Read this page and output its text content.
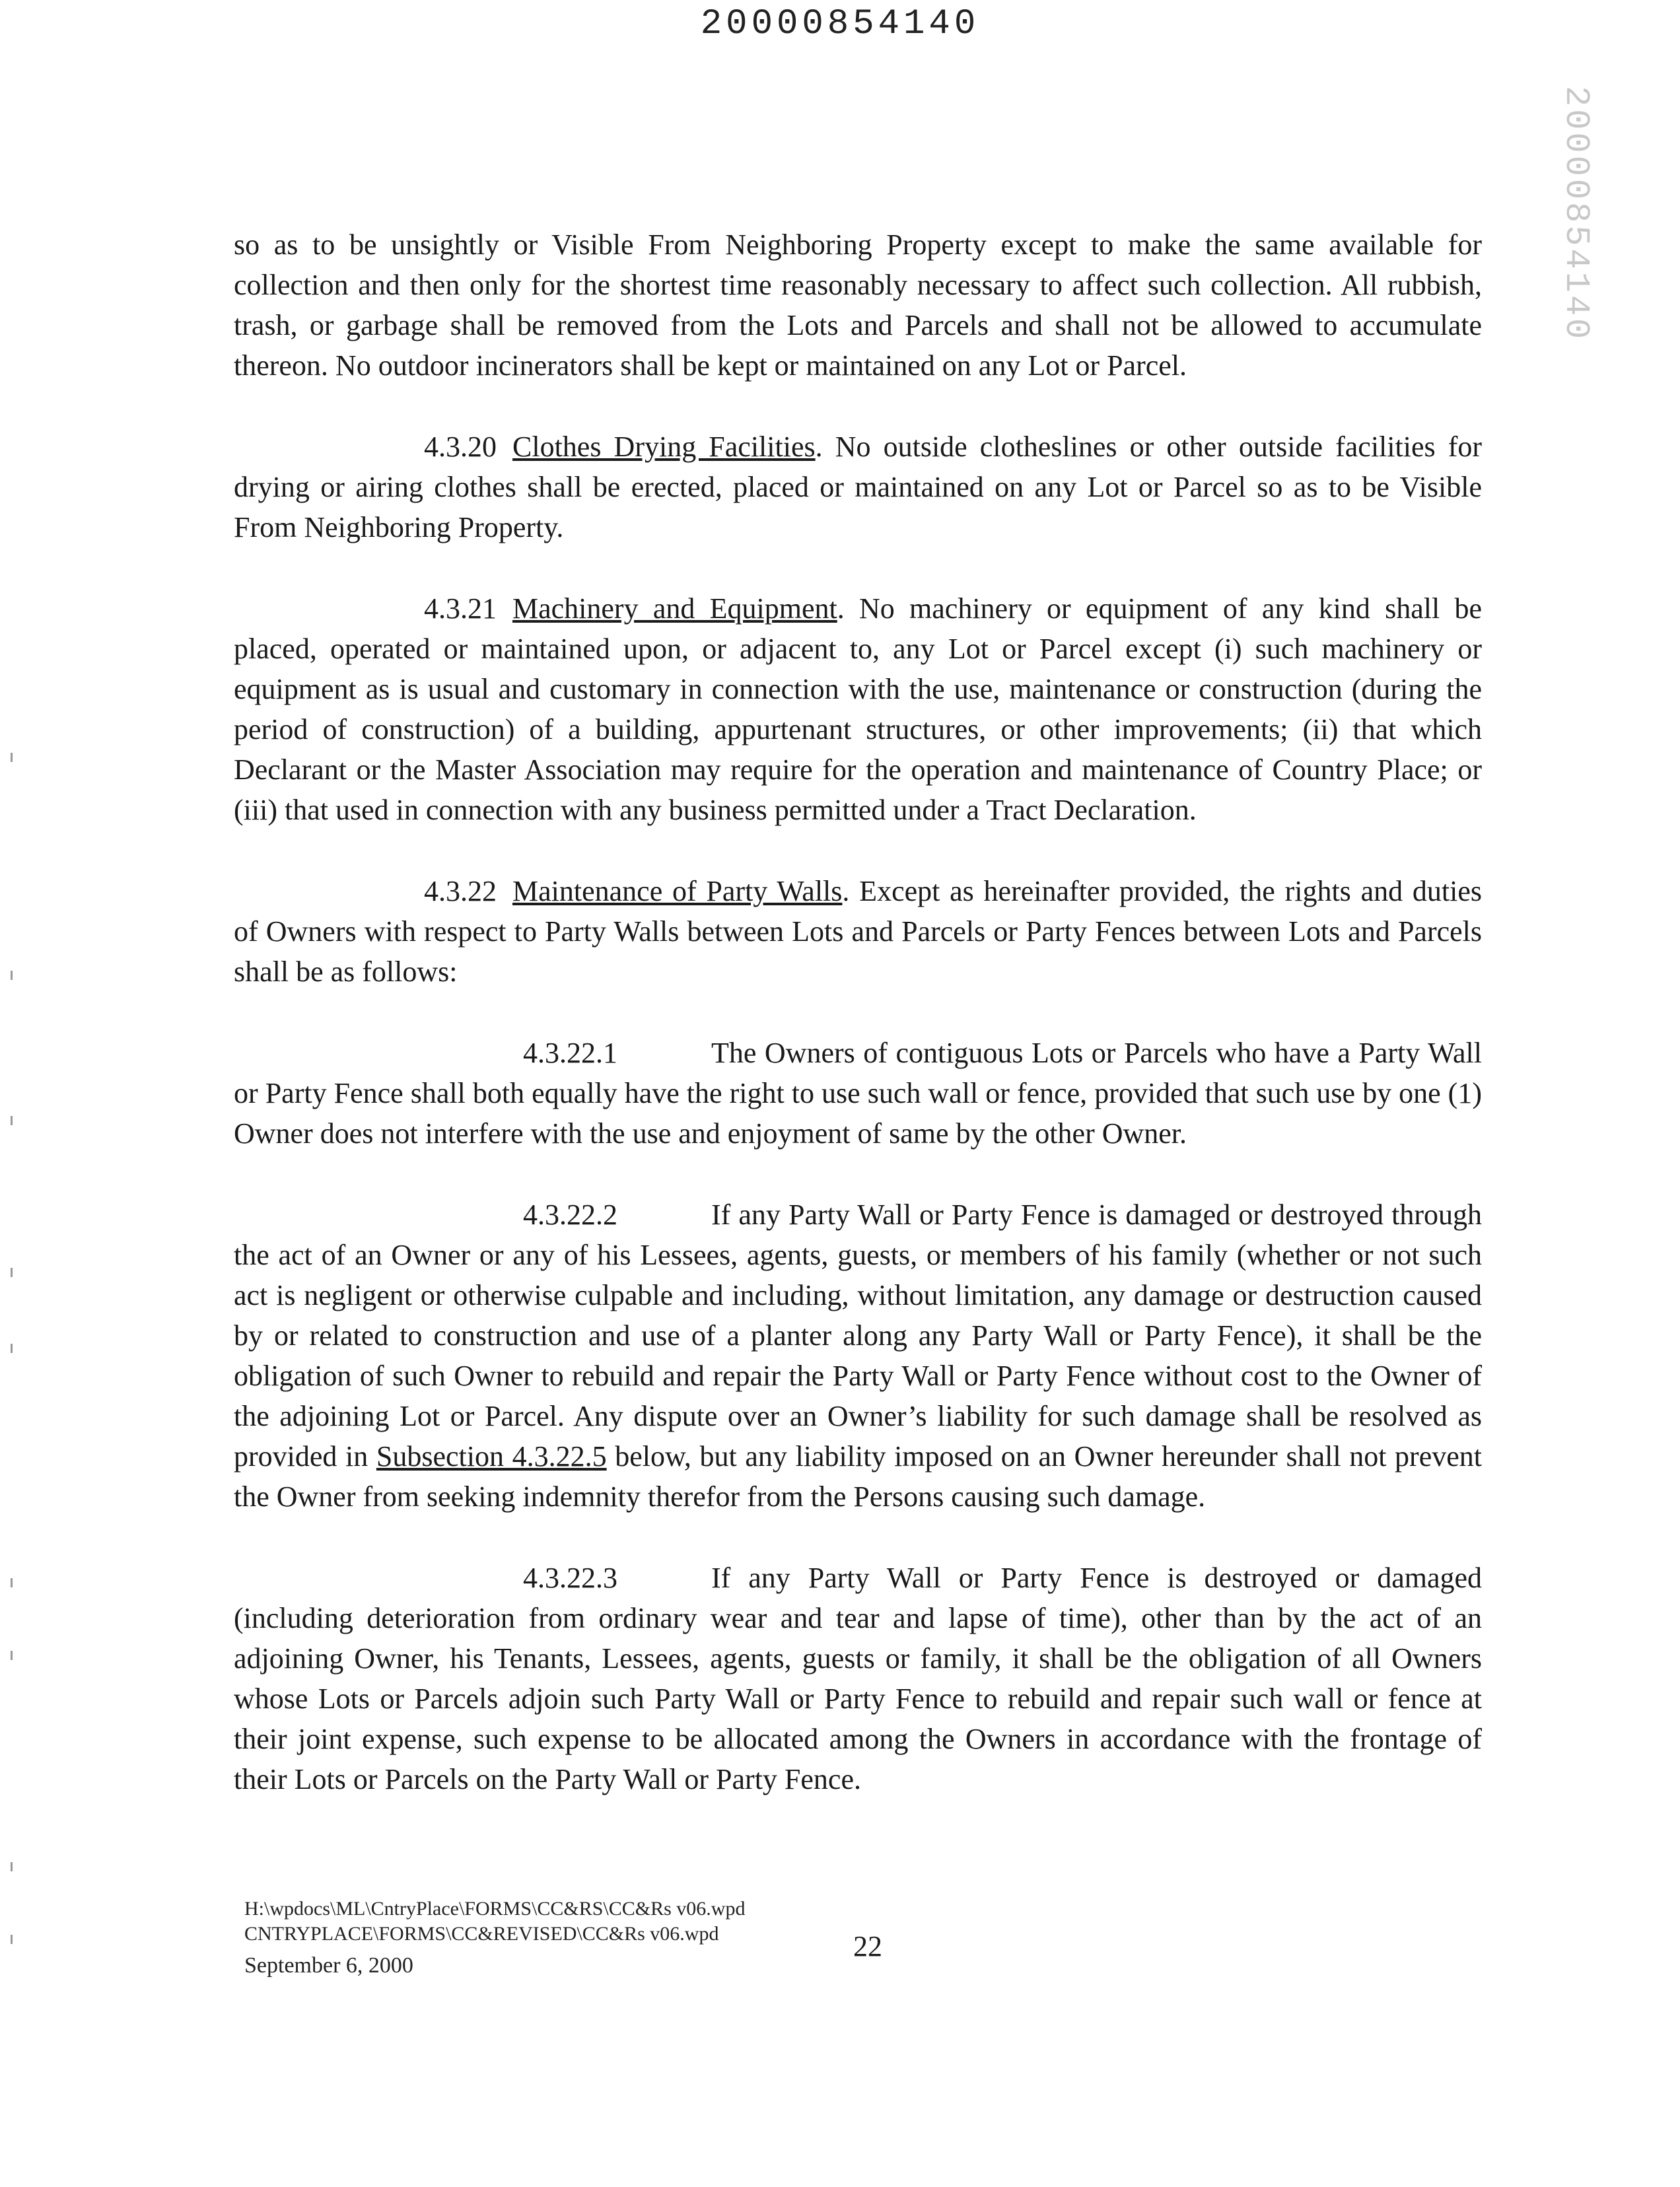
20000854140
20000854140

so as to be unsightly or Visible From Neighboring Property except to make the same available for collection and then only for the shortest time reasonably necessary to affect such collection. All rubbish, trash, or garbage shall be removed from the Lots and Parcels and shall not be allowed to accumulate thereon. No outdoor incinerators shall be kept or maintained on any Lot or Parcel.

4.3.20 Clothes Drying Facilities. No outside clotheslines or other outside facilities for drying or airing clothes shall be erected, placed or maintained on any Lot or Parcel so as to be Visible From Neighboring Property.

4.3.21 Machinery and Equipment. No machinery or equipment of any kind shall be placed, operated or maintained upon, or adjacent to, any Lot or Parcel except (i) such machinery or equipment as is usual and customary in connection with the use, maintenance or construction (during the period of construction) of a building, appurtenant structures, or other improvements; (ii) that which Declarant or the Master Association may require for the operation and maintenance of Country Place; or (iii) that used in connection with any business permitted under a Tract Declaration.

4.3.22 Maintenance of Party Walls. Except as hereinafter provided, the rights and duties of Owners with respect to Party Walls between Lots and Parcels or Party Fences between Lots and Parcels shall be as follows:

4.3.22.1	The Owners of contiguous Lots or Parcels who have a Party Wall or Party Fence shall both equally have the right to use such wall or fence, provided that such use by one (1) Owner does not interfere with the use and enjoyment of same by the other Owner.

4.3.22.2	If any Party Wall or Party Fence is damaged or destroyed through the act of an Owner or any of his Lessees, agents, guests, or members of his family (whether or not such act is negligent or otherwise culpable and including, without limitation, any damage or destruction caused by or related to construction and use of a planter along any Party Wall or Party Fence), it shall be the obligation of such Owner to rebuild and repair the Party Wall or Party Fence without cost to the Owner of the adjoining Lot or Parcel. Any dispute over an Owner’s liability for such damage shall be resolved as provided in Subsection 4.3.22.5 below, but any liability imposed on an Owner hereunder shall not prevent the Owner from seeking indemnity therefor from the Persons causing such damage.

4.3.22.3	If any Party Wall or Party Fence is destroyed or damaged (including deterioration from ordinary wear and tear and lapse of time), other than by the act of an adjoining Owner, his Tenants, Lessees, agents, guests or family, it shall be the obligation of all Owners whose Lots or Parcels adjoin such Party Wall or Party Fence to rebuild and repair such wall or fence at their joint expense, such expense to be allocated among the Owners in accordance with the frontage of their Lots or Parcels on the Party Wall or Party Fence.

H:\wpdocs\ML\CntryPlace\FORMS\CC&RS\CC&Rs v06.wpd
CNTRYPLACE\FORMS\CC&REVISED\CC&Rs v06.wpd
September 6, 2000
22
